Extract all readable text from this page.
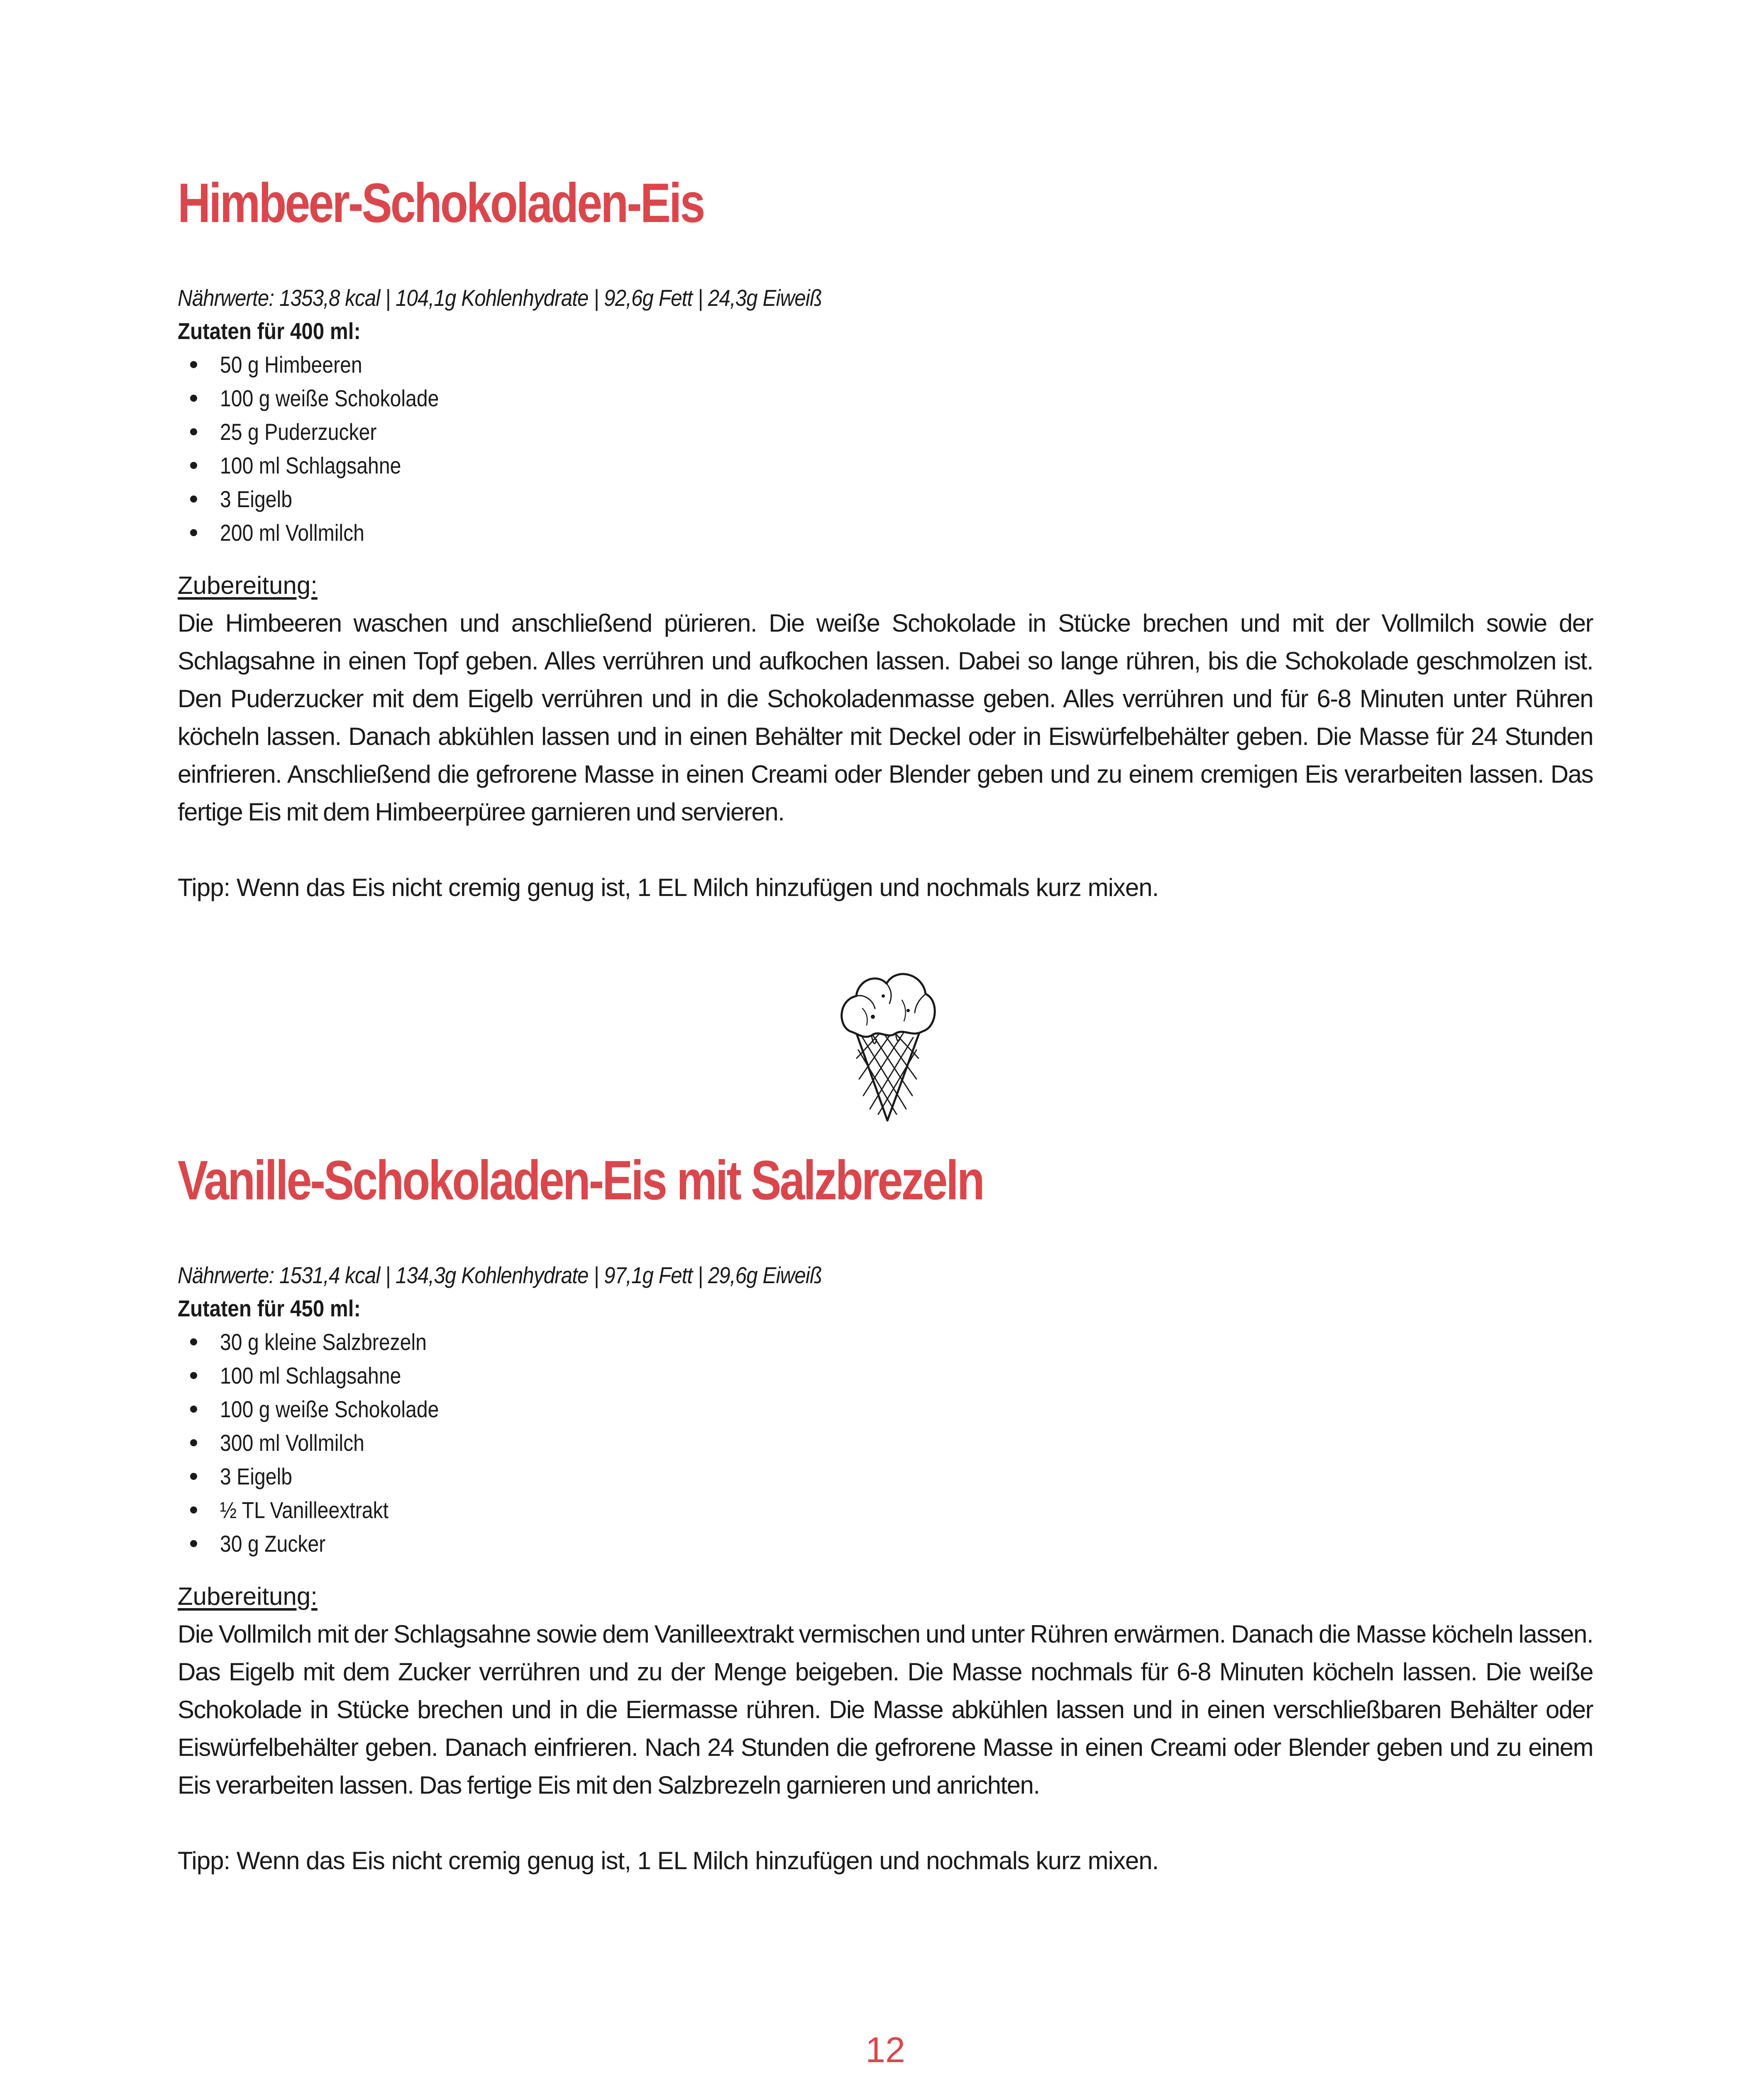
Himbeer-Schokoladen-Eis
Nährwerte: 1353,8 kcal | 104,1g Kohlenhydrate | 92,6g Fett | 24,3g Eiweiß
Zutaten für 400 ml:
50 g Himbeeren
100 g weiße Schokolade
25 g Puderzucker
100 ml Schlagsahne
3 Eigelb
200 ml Vollmilch
Zubereitung:

Die Himbeeren waschen und anschließend pürieren. Die weiße Schokolade in Stücke brechen und mit der Vollmilch sowie der Schlagsahne in einen Topf geben. Alles verrühren und aufkochen lassen. Dabei so lange rühren, bis die Schokolade geschmolzen ist. Den Puderzucker mit dem Eigelb verrühren und in die Schokoladenmasse geben. Alles verrühren und für 6-8 Minuten unter Rühren köcheln lassen. Danach abkühlen lassen und in einen Behälter mit Deckel oder in Eiswürfelbehälter geben. Die Masse für 24 Stunden einfrieren. Anschließend die gefrorene Masse in einen Creami oder Blender geben und zu einem cremigen Eis verarbeiten lassen. Das fertige Eis mit dem Himbeerpüree garnieren und servieren.

Tipp: Wenn das Eis nicht cremig genug ist, 1 EL Milch hinzufügen und nochmals kurz mixen.
Vanille-Schokoladen-Eis mit Salzbrezeln
Nährwerte: 1531,4 kcal | 134,3g Kohlenhydrate | 97,1g Fett | 29,6g Eiweiß
Zutaten für 450 ml:
30 g kleine Salzbrezeln
100 ml Schlagsahne
100 g weiße Schokolade
300 ml Vollmilch
3 Eigelb
½ TL Vanilleextrakt
30 g Zucker
Zubereitung:

Die Vollmilch mit der Schlagsahne sowie dem Vanilleextrakt vermischen und unter Rühren erwärmen. Danach die Masse köcheln lassen. Das Eigelb mit dem Zucker verrühren und zu der Menge beigeben. Die Masse nochmals für 6-8 Minuten köcheln lassen. Die weiße Schokolade in Stücke brechen und in die Eiermasse rühren. Die Masse abkühlen lassen und in einen verschließbaren Behälter oder Eiswürfelbehälter geben. Danach einfrieren. Nach 24 Stunden die gefrorene Masse in einen Creami oder Blender geben und zu einem Eis verarbeiten lassen. Das fertige Eis mit den Salzbrezeln garnieren und anrichten.

Tipp: Wenn das Eis nicht cremig genug ist, 1 EL Milch hinzufügen und nochmals kurz mixen.
12
